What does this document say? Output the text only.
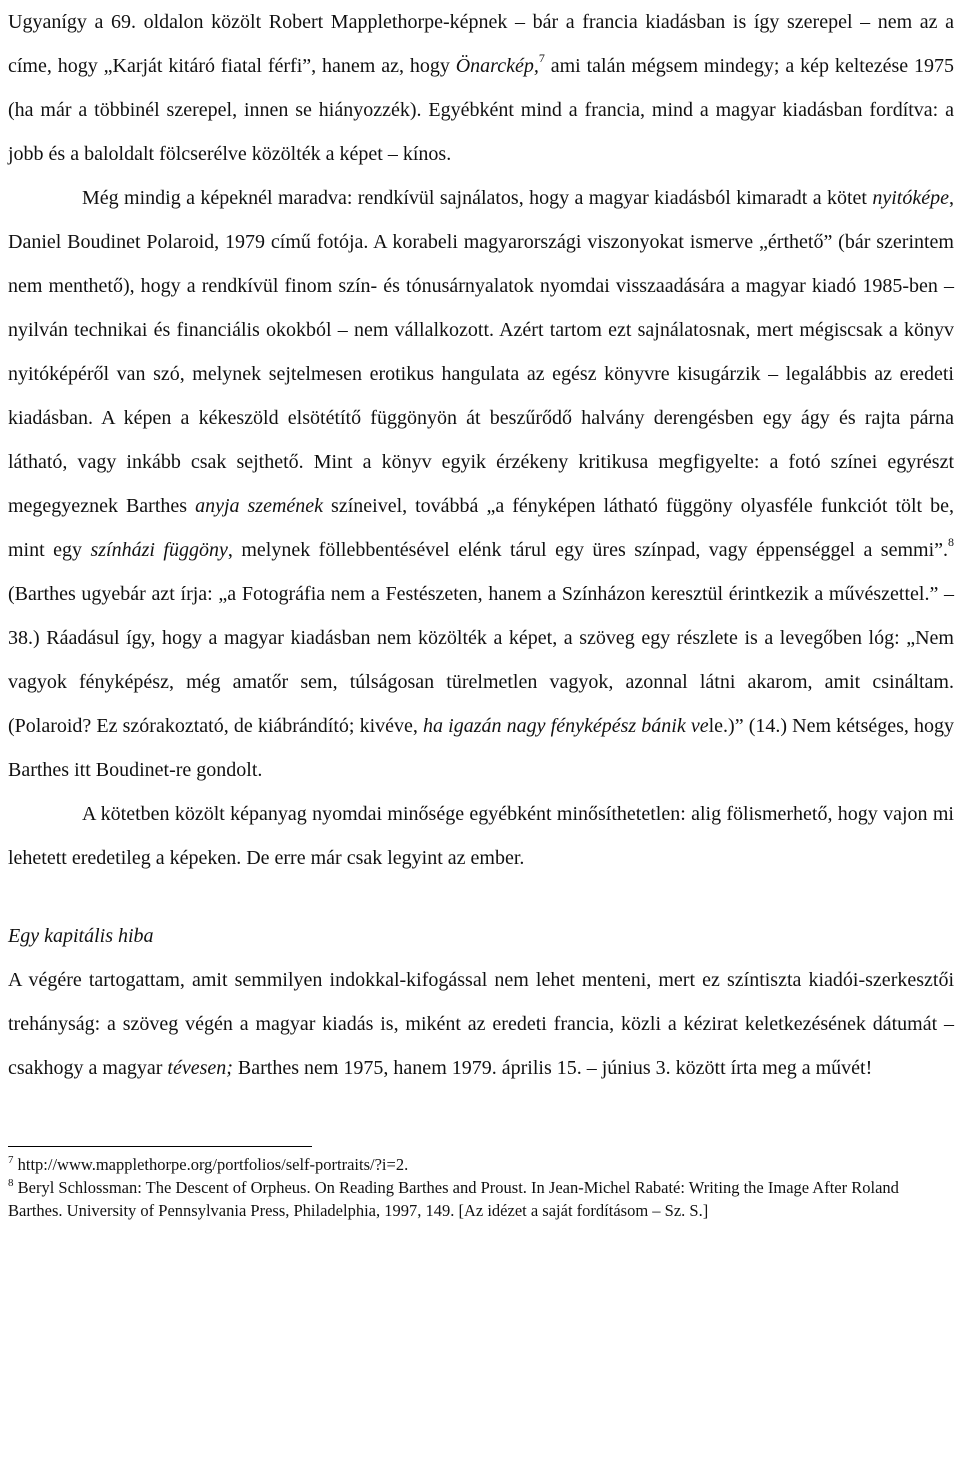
Ugyanígy a 69. oldalon közölt Robert Mapplethorpe-képnek – bár a francia kiadásban is így szerepel – nem az a címe, hogy „Karját kitáró fiatal férfi”, hanem az, hogy Önarckép,$^7$ ami talán mégsem mindegy; a kép keltezése 1975 (ha már a többinél szerepel, innen se hiányozzék). Egyébként mind a francia, mind a magyar kiadásban fordítva: a jobb és a baloldalt fölcserélve közölték a képet – kínos.

Még mindig a képeknél maradva: rendkívül sajnálatos, hogy a magyar kiadásból kimaradt a kötet nyitóképe, Daniel Boudinet Polaroid, 1979 című fotója. A korabeli magyarországi viszonyokat ismerve „érthető” (bár szerintem nem menthető), hogy a rendkívül finom szín- és tónusárnyalatok nyomdai visszaadására a magyar kiadó 1985-ben – nyilván technikai és financiális okokból – nem vállalkozott. Azért tartom ezt sajnálatosnak, mert mégiscsak a könyv nyitóképéről van szó, melynek sejtelmesen erotikus hangulata az egész könyvre kisugárzik – legalábbis az eredeti kiadásban. A képen a kékeszöld elsötétítő függönyön át beszűrődő halvány derengésben egy ágy és rajta párna látható, vagy inkább csak sejthető. Mint a könyv egyik érzékeny kritikusa megfigyelte: a fotó színei egyrészt megegyeznek Barthes anyja szemének színeivel, továbbá „a fényképen látható függöny olyasféle funkciót tölt be, mint egy színházi függöny, melynek föllebbentésével elénk tárul egy üres színpad, vagy éppenséggel a semmi”.$^8$ (Barthes ugyebár azt írja: „a Fotográfia nem a Festészeten, hanem a Színházon keresztül érintkezik a művészettel.” – 38.) Ráadásul így, hogy a magyar kiadásban nem közölték a képet, a szöveg egy részlete is a levegőben lóg: „Nem vagyok fényképész, még amatőr sem, túlságosan türelmetlen vagyok, azonnal látni akarom, amit csináltam. (Polaroid? Ez szórakoztató, de kiábrándító; kivéve, ha igazán nagy fényképész bánik vele.)” (14.) Nem kétséges, hogy Barthes itt Boudinet-re gondolt.

A kötetben közölt képanyag nyomdai minősége egyébként minősíthetetlen: alig fölismerhető, hogy vajon mi lehetett eredetileg a képeken. De erre már csak legyint az ember.

Egy kapitális hiba

A végére tartogattam, amit semmilyen indokkal-kifogással nem lehet menteni, mert ez színtiszta kiadói-szerkesztői trehányság: a szöveg végén a magyar kiadás is, miként az eredeti francia, közli a kézirat keletkezésének dátumát – csakhogy a magyar tévesen; Barthes nem 1975, hanem 1979. április 15. – június 3. között írta meg a művét!

$^7$ http://www.mapplethorpe.org/portfolios/self-portraits/?i=2.

$^8$ Beryl Schlossman: The Descent of Orpheus. On Reading Barthes and Proust. In Jean-Michel Rabaté: Writing the Image After Roland Barthes. University of Pennsylvania Press, Philadelphia, 1997, 149. [Az idézet a saját fordításom – Sz. S.]
